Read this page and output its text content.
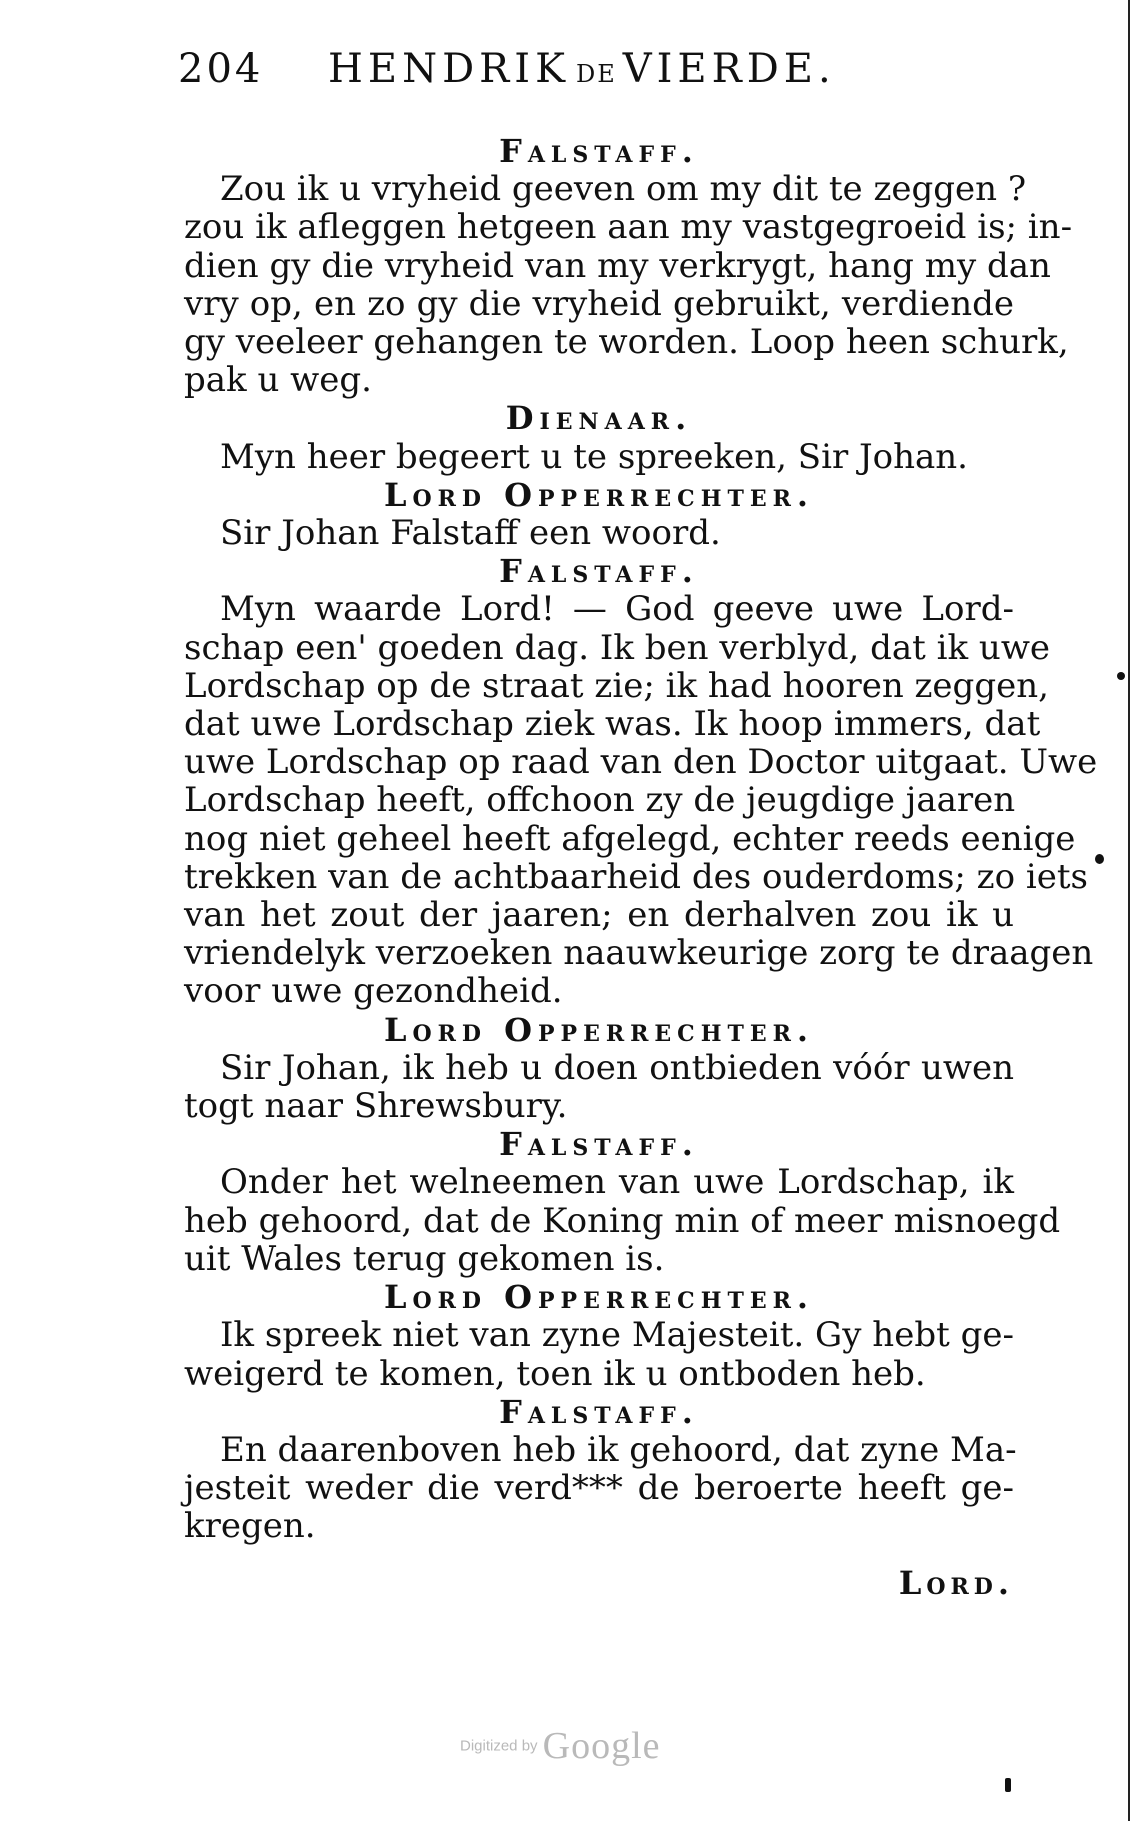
204 HENDRIK DE VIERDE.
Falstaff.
Zou ik u vryheid geeven om my dit te zeggen ?
zou ik afleggen hetgeen aan my vastgegroeid is; in-
dien gy die vryheid van my verkrygt, hang my dan
vry op, en zo gy die vryheid gebruikt, verdiende
gy veeleer gehangen te worden. Loop heen schurk,
pak u weg.
Dienaar.
Myn heer begeert u te spreeken, Sir Johan.
Lord Opperrechter.
Sir Johan Falstaff een woord.
Falstaff.
Myn waarde Lord! — God geeve uwe Lord-
schap een' goeden dag. Ik ben verblyd, dat ik uwe
Lordschap op de straat zie; ik had hooren zeggen,
dat uwe Lordschap ziek was. Ik hoop immers, dat
uwe Lordschap op raad van den Doctor uitgaat. Uwe
Lordschap heeft, offchoon zy de jeugdige jaaren
nog niet geheel heeft afgelegd, echter reeds eenige
trekken van de achtbaarheid des ouderdoms; zo iets
van het zout der jaaren; en derhalven zou ik u
vriendelyk verzoeken naauwkeurige zorg te draagen
voor uwe gezondheid.
Lord Opperrechter.
Sir Johan, ik heb u doen ontbieden vóór uwen
togt naar Shrewsbury.
Falstaff.
Onder het welneemen van uwe Lordschap, ik
heb gehoord, dat de Koning min of meer misnoegd
uit Wales terug gekomen is.
Lord Opperrechter.
Ik spreek niet van zyne Majesteit. Gy hebt ge-
weigerd te komen, toen ik u ontboden heb.
Falstaff.
En daarenboven heb ik gehoord, dat zyne Ma-
jesteit weder die verd*** de beroerte heeft ge-
kregen.
Lord.
Digitized by Google
